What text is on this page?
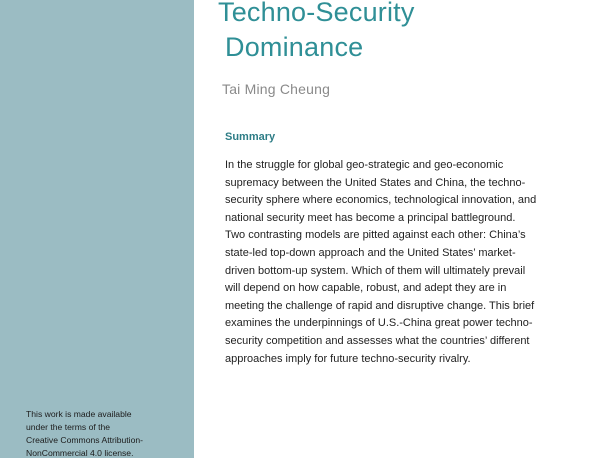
This work is made available
under the terms of the
Creative Commons Attribution-
NonCommercial 4.0 license.
Techno-Security
Dominance
Tai Ming Cheung
Summary
In the struggle for global geo-strategic and geo-economic
supremacy between the United States and China, the techno-
security sphere where economics, technological innovation, and
national security meet has become a principal battleground.
Two contrasting models are pitted against each other: China’s
state-led top-down approach and the United States’ market-
driven bottom-up system. Which of them will ultimately prevail
will depend on how capable, robust, and adept they are in
meeting the challenge of rapid and disruptive change. This brief
examines the underpinnings of U.S.-China great power techno-
security competition and assesses what the countries’ different
approaches imply for future techno-security rivalry.
